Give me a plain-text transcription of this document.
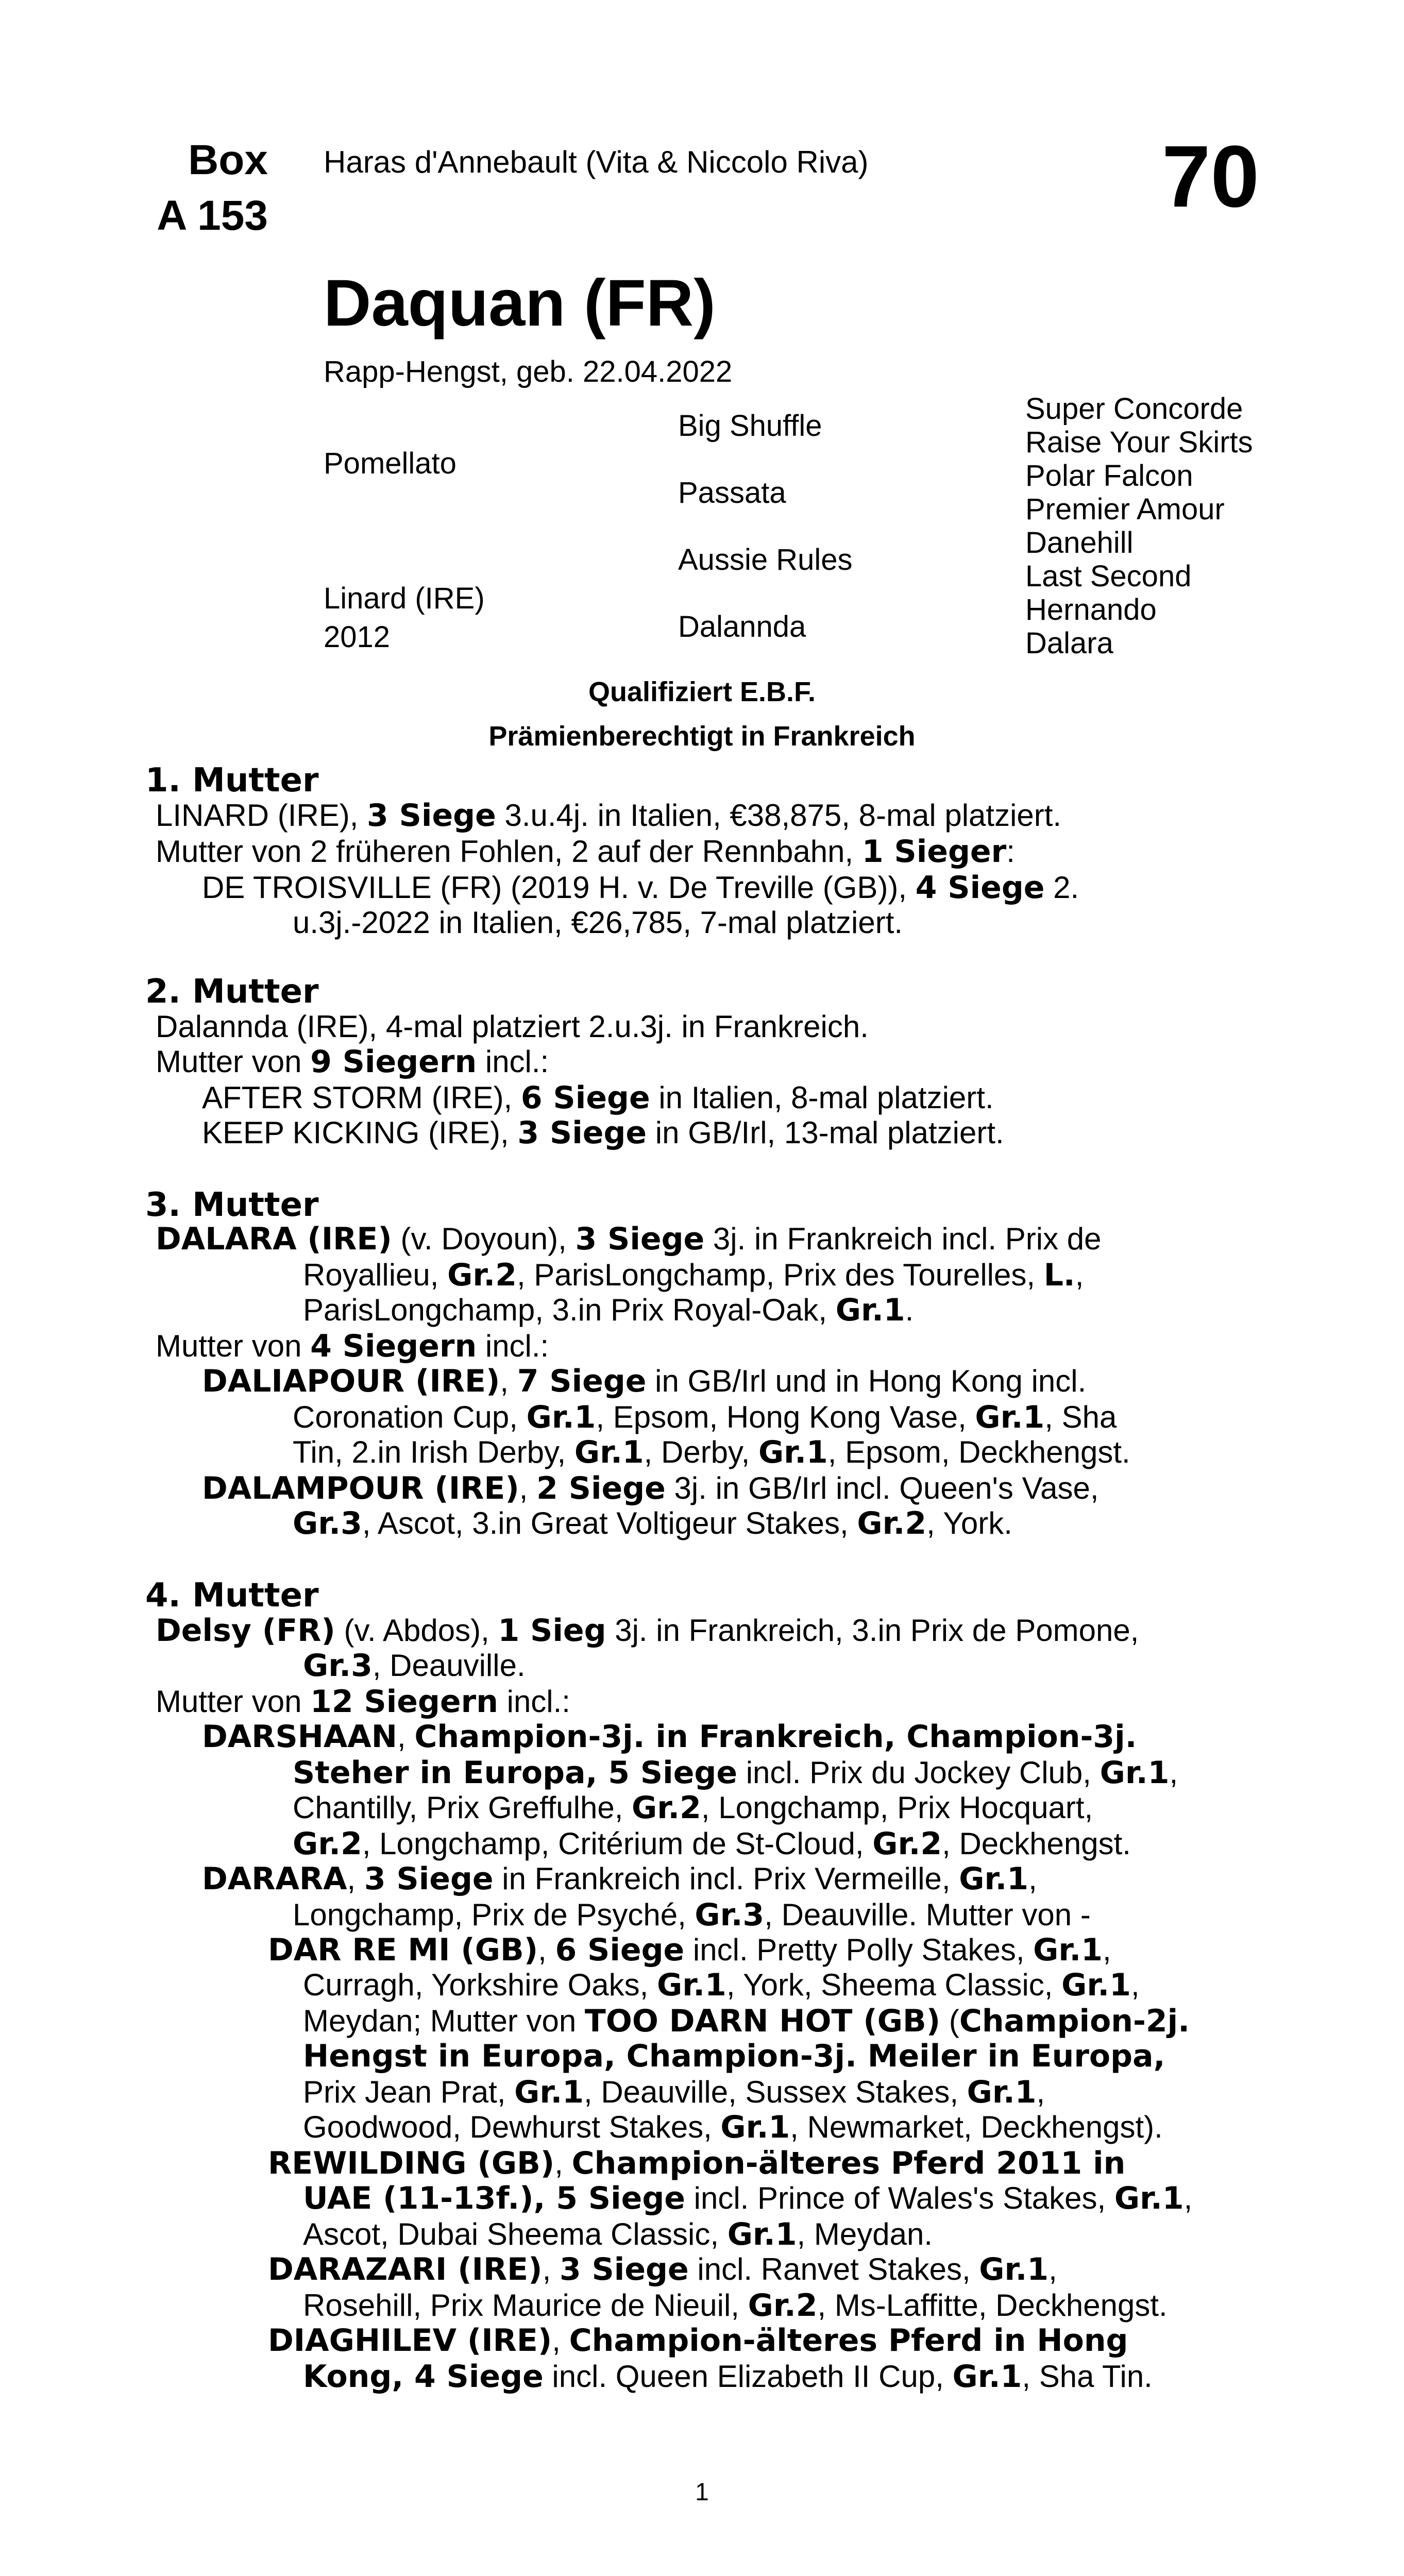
Box
A 153
Haras d'Annebault (Vita & Niccolo Riva)	70
Daquan (FR)
Rapp-Hengst, geb. 22.04.2022
Pomellato
Linard (IRE)
2012
Big Shuffle
Passata
Aussie Rules
Dalannda
Super Concorde
Raise Your Skirts
Polar Falcon
Premier Amour
Danehill
Last Second
Hernando
Dalara
Qualifiziert E.B.F.
Prämienberechtigt in Frankreich
1. Mutter
LINARD (IRE), 3 Siege 3.u.4j. in Italien, €38,875, 8-mal platziert.
Mutter von 2 früheren Fohlen, 2 auf der Rennbahn, 1 Sieger:
DE TROISVILLE (FR) (2019 H. v. De Treville (GB)), 4 Siege 2.
u.3j.-2022 in Italien, €26,785, 7-mal platziert.
2. Mutter
Dalannda (IRE), 4-mal platziert 2.u.3j. in Frankreich.
Mutter von 9 Siegern incl.:
AFTER STORM (IRE), 6 Siege in Italien, 8-mal platziert.
KEEP KICKING (IRE), 3 Siege in GB/Irl, 13-mal platziert.
3. Mutter
DALARA (IRE) (v. Doyoun), 3 Siege 3j. in Frankreich incl. Prix de
Royallieu, Gr.2, ParisLongchamp, Prix des Tourelles, L.,
ParisLongchamp, 3.in Prix Royal-Oak, Gr.1.
Mutter von 4 Siegern incl.:
DALIAPOUR (IRE), 7 Siege in GB/Irl und in Hong Kong incl.
Coronation Cup, Gr.1, Epsom, Hong Kong Vase, Gr.1, Sha
Tin, 2.in Irish Derby, Gr.1, Derby, Gr.1, Epsom, Deckhengst.
DALAMPOUR (IRE), 2 Siege 3j. in GB/Irl incl. Queen's Vase,
Gr.3, Ascot, 3.in Great Voltigeur Stakes, Gr.2, York.
4. Mutter
Delsy (FR) (v. Abdos), 1 Sieg 3j. in Frankreich, 3.in Prix de Pomone,
Gr.3, Deauville.
Mutter von 12 Siegern incl.:
DARSHAAN, Champion-3j. in Frankreich, Champion-3j.
Steher in Europa, 5 Siege incl. Prix du Jockey Club, Gr.1,
Chantilly, Prix Greffulhe, Gr.2, Longchamp, Prix Hocquart,
Gr.2, Longchamp, Critérium de St-Cloud, Gr.2, Deckhengst.
DARARA, 3 Siege in Frankreich incl. Prix Vermeille, Gr.1,
Longchamp, Prix de Psyché, Gr.3, Deauville. Mutter von -
DAR RE MI (GB), 6 Siege incl. Pretty Polly Stakes, Gr.1,
Curragh, Yorkshire Oaks, Gr.1, York, Sheema Classic, Gr.1,
Meydan; Mutter von TOO DARN HOT (GB) (Champion-2j.
Hengst in Europa, Champion-3j. Meiler in Europa,
Prix Jean Prat, Gr.1, Deauville, Sussex Stakes, Gr.1,
Goodwood, Dewhurst Stakes, Gr.1, Newmarket, Deckhengst).
REWILDING (GB), Champion-älteres Pferd 2011 in
UAE (11-13f.), 5 Siege incl. Prince of Wales's Stakes, Gr.1,
Ascot, Dubai Sheema Classic, Gr.1, Meydan.
DARAZARI (IRE), 3 Siege incl. Ranvet Stakes, Gr.1,
Rosehill, Prix Maurice de Nieuil, Gr.2, Ms-Laffitte, Deckhengst.
DIAGHILEV (IRE), Champion-älteres Pferd in Hong
Kong, 4 Siege incl. Queen Elizabeth II Cup, Gr.1, Sha Tin.
1
